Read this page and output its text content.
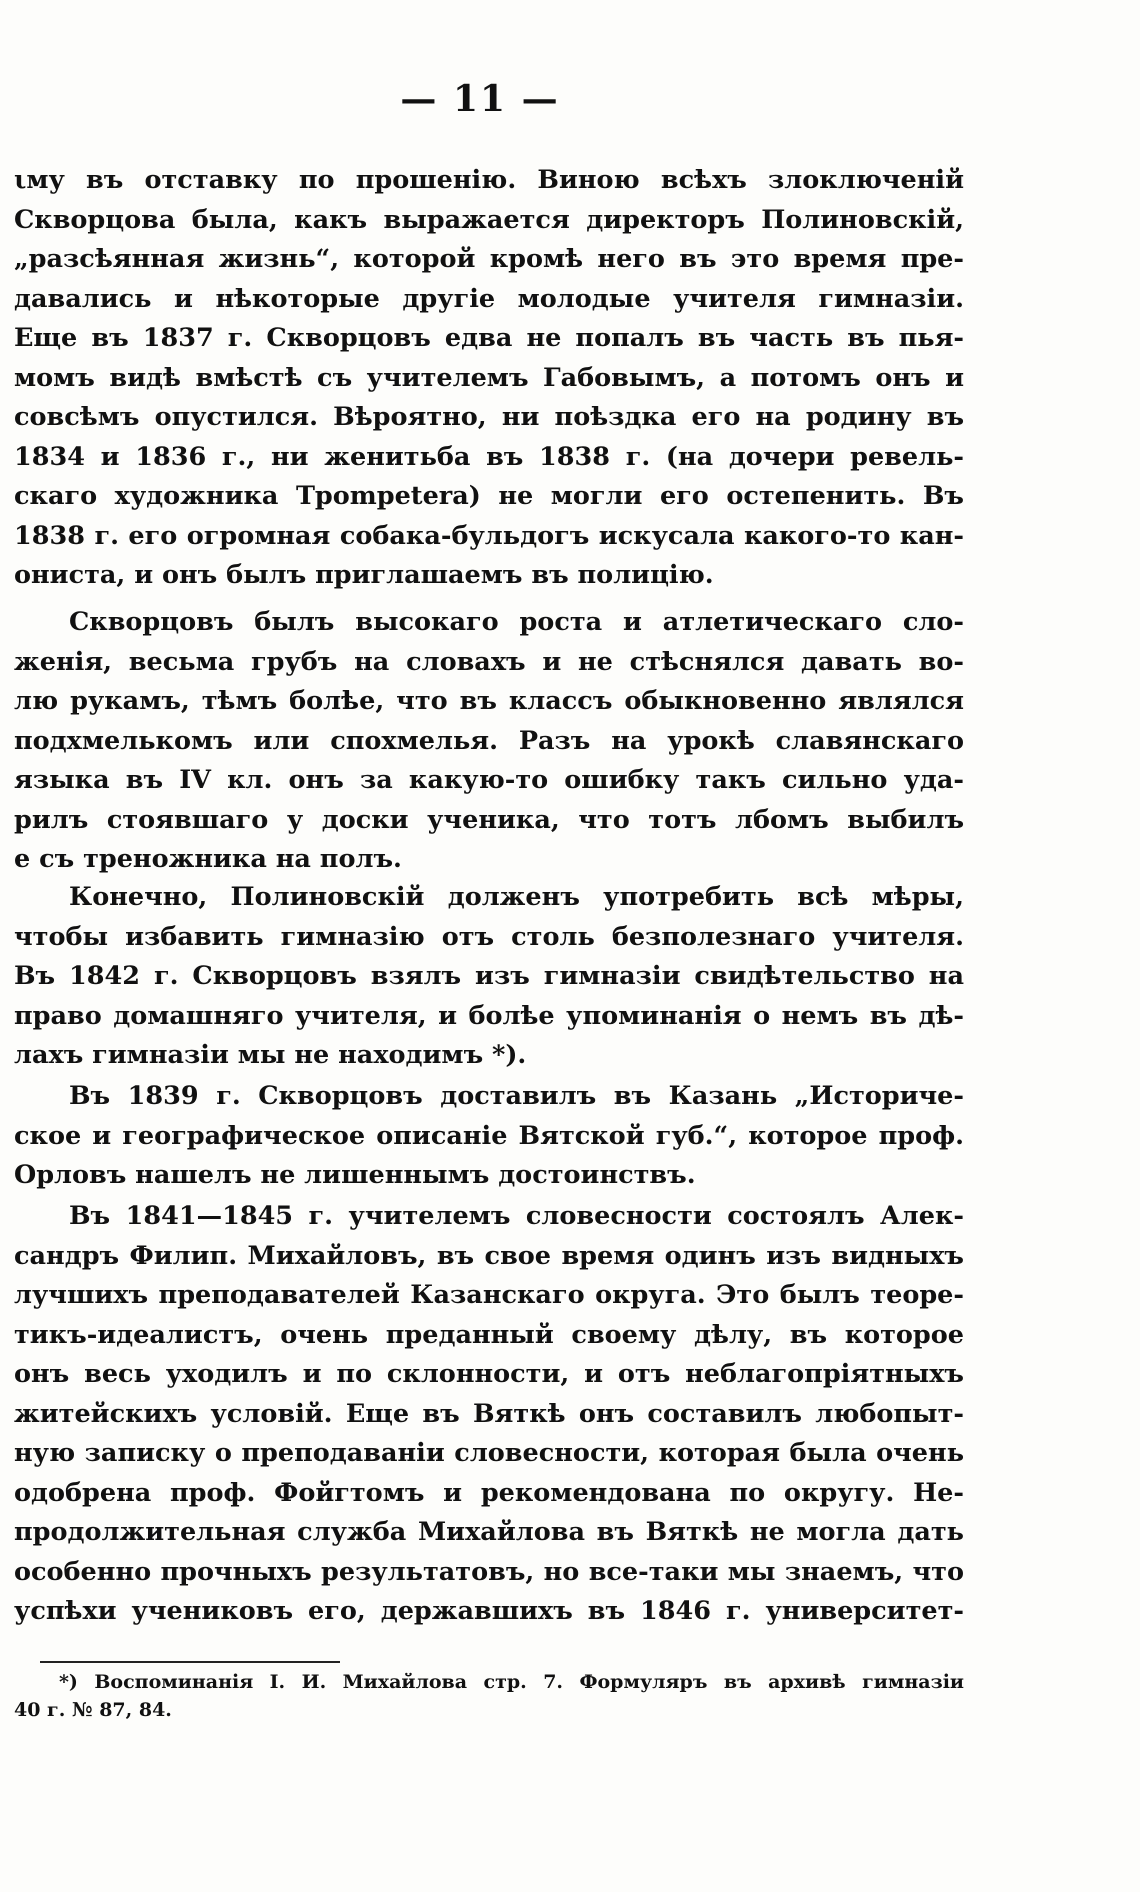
— 11 —
ιму въ отставку по прошенію. Виною всѣхъ злоключеній
Скворцова была, какъ выражается директоръ Полиновскій,
„разсѣянная жизнь“, которой кромѣ него въ это время пре-
давались и нѣкоторые другіе молодые учителя гимназіи.
Еще въ 1837 г. Скворцовъ едва не попалъ въ часть въ пья-
момъ видѣ вмѣстѣ съ учителемъ Габовымъ, а потомъ онъ и
совсѣмъ опустился. Вѣроятно, ни поѣздка его на родину въ
1834 и 1836 г., ни женитьба въ 1838 г. (на дочери ревель-
скаго художника Трompetera) не могли его остепенить. Въ
1838 г. его огромная собака-бульдогъ искусала какого-то кан-
ониста, и онъ былъ приглашаемъ въ полицію.
Скворцовъ былъ высокаго роста и атлетическаго сло-
женія, весьма грубъ на словахъ и не стѣснялся давать во-
лю рукамъ, тѣмъ болѣе, что въ классъ обыкновенно являлся
подхмелькомъ или спохмелья. Разъ на урокѣ славянскаго
языка въ IV кл. онъ за какую-то ошибку такъ сильно уда-
рилъ стоявшаго у доски ученика, что тотъ лбомъ выбилъ
е съ треножника на полъ.
Конечно, Полиновскій долженъ употребить всѣ мѣры,
чтобы избавить гимназію отъ столь безполезнаго учителя.
Въ 1842 г. Скворцовъ взялъ изъ гимназіи свидѣтельство на
право домашняго учителя, и болѣе упоминанія о немъ въ дѣ-
лахъ гимназіи мы не находимъ *).
Въ 1839 г. Скворцовъ доставилъ въ Казань „Историче-
ское и географическое описаніе Вятской губ.“, которое проф.
Орловъ нашелъ не лишеннымъ достоинствъ.
Въ 1841—1845 г. учителемъ словесности состоялъ Алек-
сандръ Филип. Михайловъ, въ свое время одинъ изъ видныхъ
лучшихъ преподавателей Казанскаго округа. Это былъ теоре-
тикъ-идеалистъ, очень преданный своему дѣлу, въ которое
онъ весь уходилъ и по склонности, и отъ неблагопріятныхъ
житейскихъ условій. Еще въ Вяткѣ онъ составилъ любопыт-
ную записку о преподаваніи словесности, которая была очень
одобрена проф. Фойгтомъ и рекомендована по округу. Не-
продолжительная служба Михайлова въ Вяткѣ не могла дать
особенно прочныхъ результатовъ, но все-таки мы знаемъ, что
успѣхи учениковъ его, державшихъ въ 1846 г. университет-
*) Воспоминанія І. И. Михайлова стр. 7. Формуляръ въ архивѣ гимназіи
40 г. № 87, 84.
